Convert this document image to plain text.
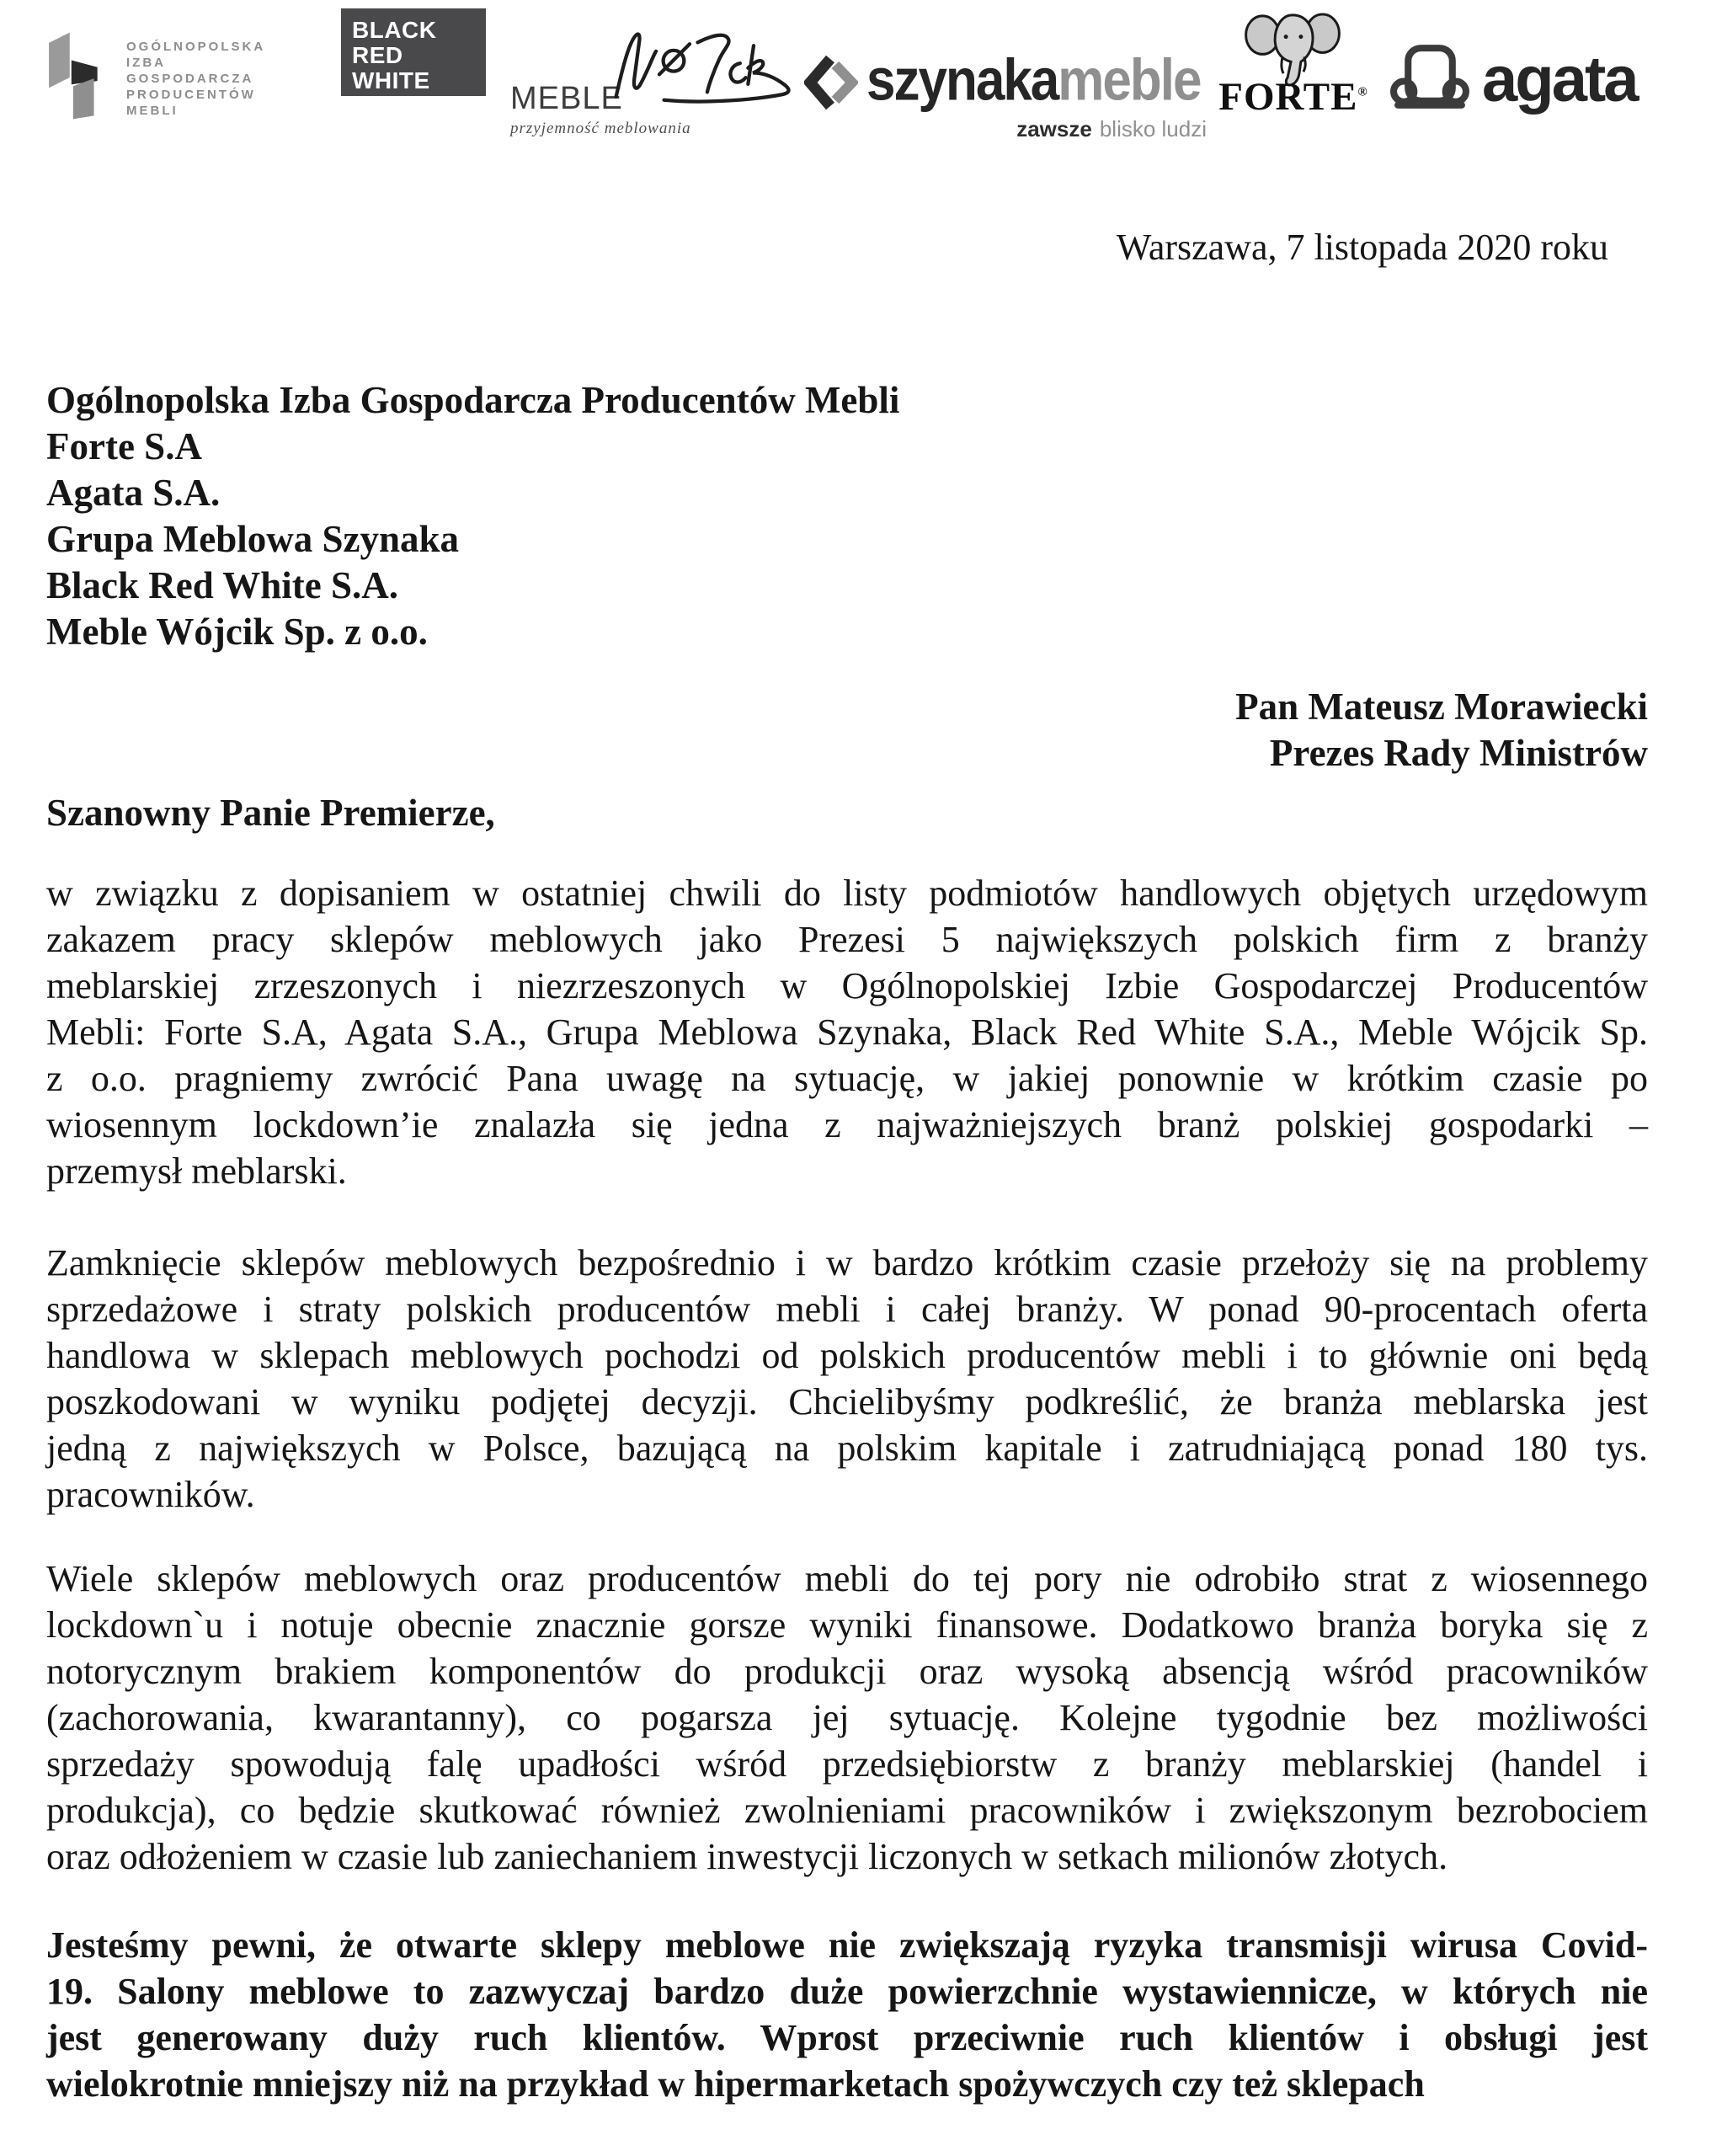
OGÓLNOPOLSKA
IZBA
GOSPODARCZA
PRODUCENTÓW
MEBLI
BLACK
RED
WHITE
MEBLE
przyjemność meblowania
szynakameble
zawsze blisko ludzi
FORTE® agata
Warszawa, 7 listopada 2020 roku
Ogólnopolska Izba Gospodarcza Producentów Mebli
Forte S.A
Agata S.A.
Grupa Meblowa Szynaka
Black Red White S.A.
Meble Wójcik Sp. z o.o.
Pan Mateusz Morawiecki
Prezes Rady Ministrów
Szanowny Panie Premierze,
w związku z dopisaniem w ostatniej chwili do listy podmiotów handlowych objętych urzędowym
zakazem pracy sklepów meblowych jako Prezesi 5 największych polskich firm z branży
meblarskiej zrzeszonych i niezrzeszonych w Ogólnopolskiej Izbie Gospodarczej Producentów
Mebli: Forte S.A, Agata S.A., Grupa Meblowa Szynaka, Black Red White S.A., Meble Wójcik Sp.
z o.o. pragniemy zwrócić Pana uwagę na sytuację, w jakiej ponownie w krótkim czasie po
wiosennym lockdown’ie znalazła się jedna z najważniejszych branż polskiej gospodarki –
przemysł meblarski.
Zamknięcie sklepów meblowych bezpośrednio i w bardzo krótkim czasie przełoży się na problemy
sprzedażowe i straty polskich producentów mebli i całej branży. W ponad 90-procentach oferta
handlowa w sklepach meblowych pochodzi od polskich producentów mebli i to głównie oni będą
poszkodowani w wyniku podjętej decyzji. Chcielibyśmy podkreślić, że branża meblarska jest
jedną z największych w Polsce, bazującą na polskim kapitale i zatrudniającą ponad 180 tys.
pracowników.
Wiele sklepów meblowych oraz producentów mebli do tej pory nie odrobiło strat z wiosennego
lockdown`u i notuje obecnie znacznie gorsze wyniki finansowe. Dodatkowo branża boryka się z
notorycznym brakiem komponentów do produkcji oraz wysoką absencją wśród pracowników
(zachorowania, kwarantanny), co pogarsza jej sytuację. Kolejne tygodnie bez możliwości
sprzedaży spowodują falę upadłości wśród przedsiębiorstw z branży meblarskiej (handel i
produkcja), co będzie skutkować również zwolnieniami pracowników i zwiększonym bezrobociem
oraz odłożeniem w czasie lub zaniechaniem inwestycji liczonych w setkach milionów złotych.
Jesteśmy pewni, że otwarte sklepy meblowe nie zwiększają ryzyka transmisji wirusa Covid-
19. Salony meblowe to zazwyczaj bardzo duże powierzchnie wystawiennicze, w których nie
jest generowany duży ruch klientów. Wprost przeciwnie ruch klientów i obsługi jest
wielokrotnie mniejszy niż na przykład w hipermarketach spożywczych czy też sklepach
